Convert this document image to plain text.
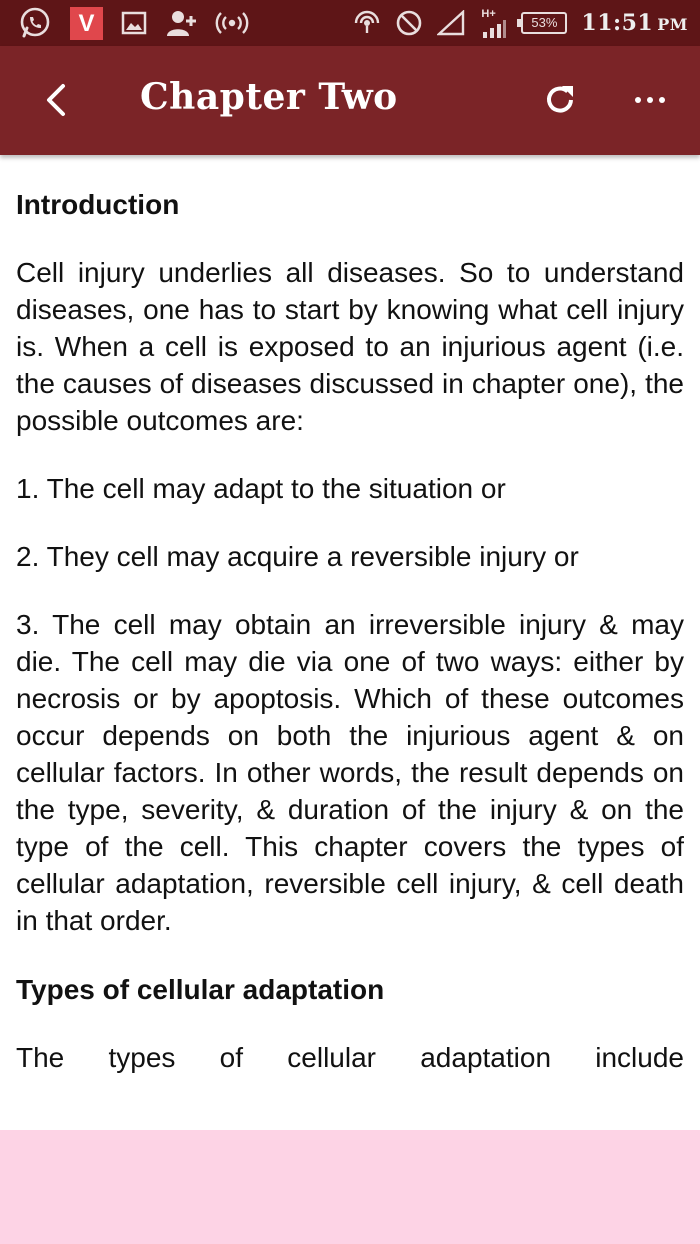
V	H+
53%	11:51 PM
Chapter Two
Introduction

Cell injury underlies all diseases. So to understand diseases, one has to start by knowing what cell injury is. When a cell is exposed to an injurious agent (i.e. the causes of diseases discussed in chapter one), the possible outcomes are:

1. The cell may adapt to the situation or

2. They cell may acquire a reversible injury or

3. The cell may obtain an irreversible injury & may die. The cell may die via one of two ways: either by necrosis or by apoptosis. Which of these outcomes occur depends on both the injurious agent & on cellular factors. In other words, the result depends on the type, severity, & duration of the injury & on the type of the cell. This chapter covers the types of cellular adaptation, reversible cell injury, & cell death in that order.

Types of cellular adaptation

The types of cellular adaptation include
